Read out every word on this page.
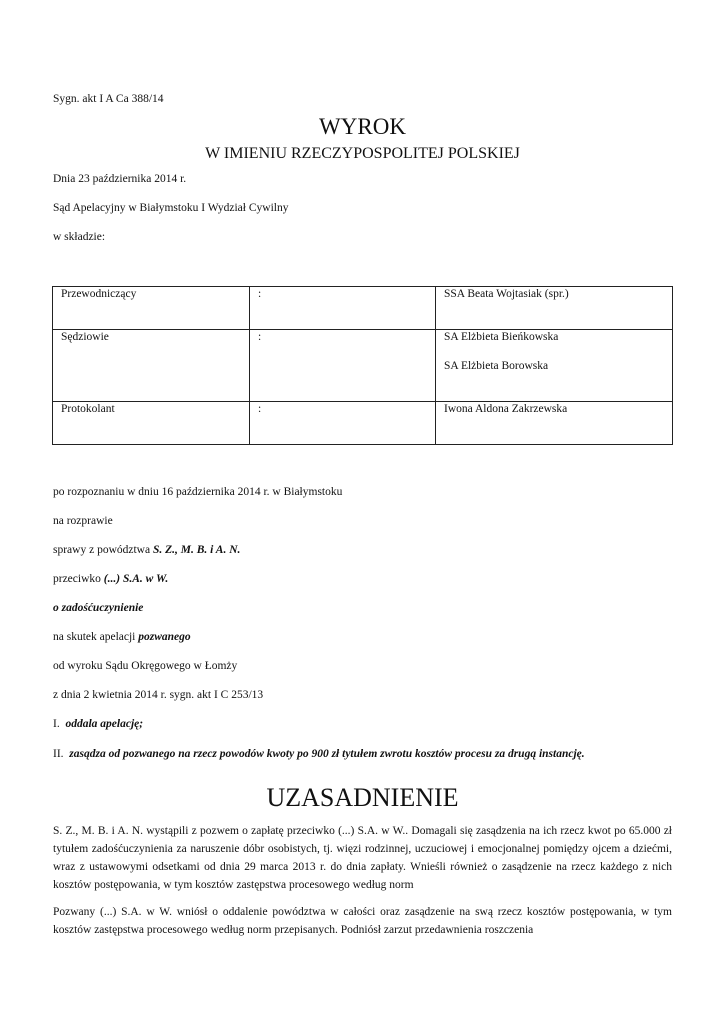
Sygn. akt I A Ca 388/14
WYROK
W IMIENIU RZECZYPOSPOLITEJ POLSKIEJ
Dnia 23 października 2014 r.
Sąd Apelacyjny w Białymstoku I Wydział Cywilny
w składzie:
Przewodniczący	:	SSA Beata Wojtasiak (spr.)
Sędziowie	:	SA Elżbieta Bieńkowska
SA Elżbieta Borowska
Protokolant	:	Iwona Aldona Zakrzewska
po rozpoznaniu w dniu 16 października 2014 r. w Białymstoku
na rozprawie
sprawy z powództwa S. Z., M. B. i A. N.
przeciwko (...) S.A. w W.
o zadośćuczynienie
na skutek apelacji pozwanego
od wyroku Sądu Okręgowego w Łomży
z dnia 2 kwietnia 2014 r. sygn. akt I C 253/13
I. oddala apelację;
II. zasądza od pozwanego na rzecz powodów kwoty po 900 zł tytułem zwrotu kosztów procesu za drugą instancję.
UZASADNIENIE
S. Z., M. B. i A. N. wystąpili z pozwem o zapłatę przeciwko (...) S.A. w W.. Domagali się zasądzenia na ich rzecz kwot po 65.000 zł tytułem zadośćuczynienia za naruszenie dóbr osobistych, tj. więzi rodzinnej, uczuciowej i emocjonalnej pomiędzy ojcem a dziećmi, wraz z ustawowymi odsetkami od dnia 29 marca 2013 r. do dnia zapłaty. Wnieśli również o zasądzenie na rzecz każdego z nich kosztów postępowania, w tym kosztów zastępstwa procesowego według norm
Pozwany (...) S.A. w W. wniósł o oddalenie powództwa w całości oraz zasądzenie na swą rzecz kosztów postępowania, w tym kosztów zastępstwa procesowego według norm przepisanych. Podniósł zarzut przedawnienia roszczenia
